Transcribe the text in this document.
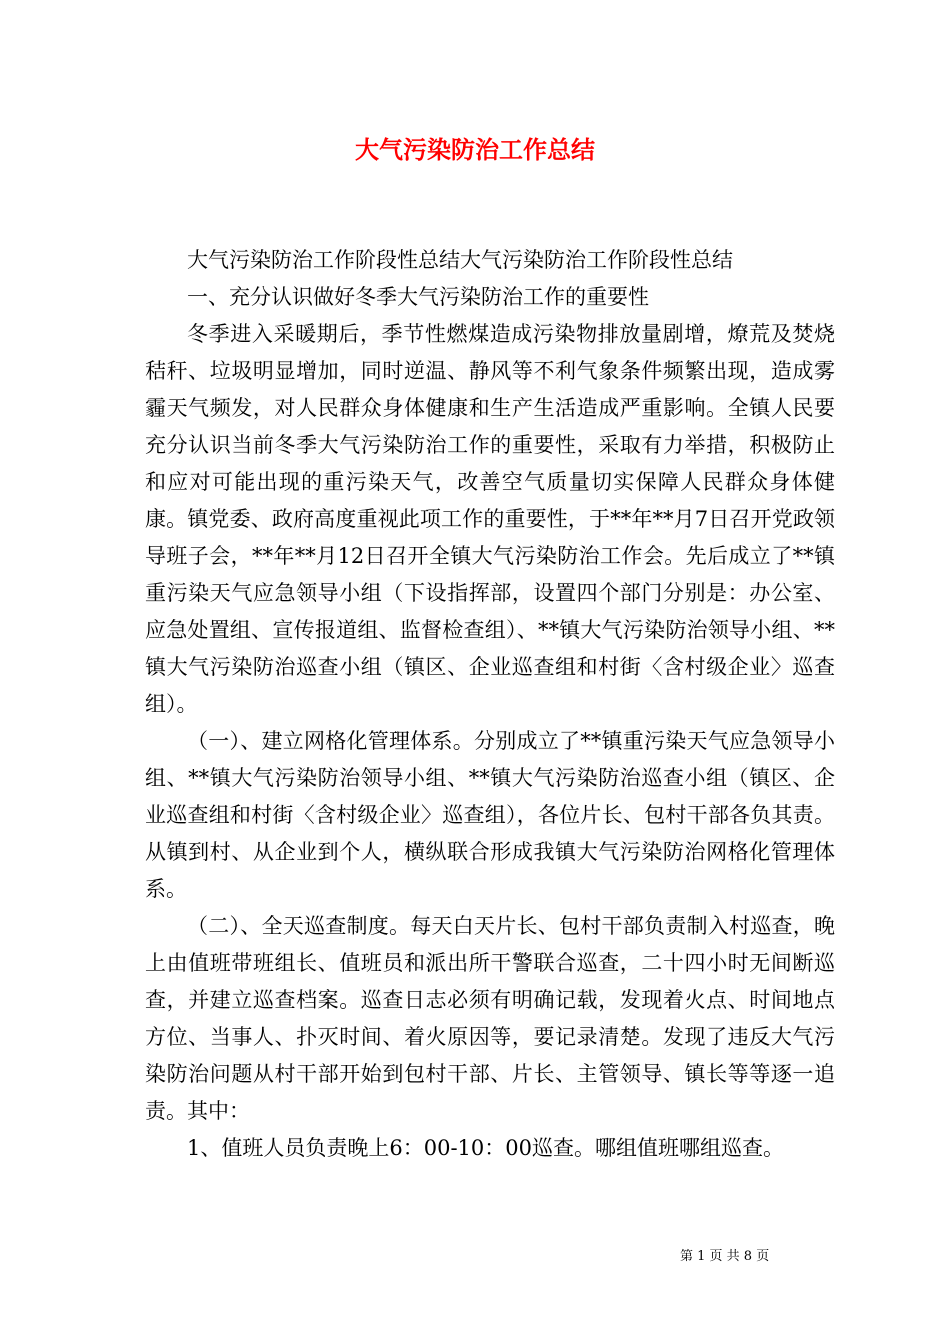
大气污染防治工作总结

大气污染防治工作阶段性总结大气污染防治工作阶段性总结

一、充分认识做好冬季大气污染防治工作的重要性

冬季进入采暖期后，季节性燃煤造成污染物排放量剧增，燎荒及焚烧秸秆、垃圾明显增加，同时逆温、静风等不利气象条件频繁出现，造成雾霾天气频发，对人民群众身体健康和生产生活造成严重影响。全镇人民要充分认识当前冬季大气污染防治工作的重要性，采取有力举措，积极防止和应对可能出现的重污染天气，改善空气质量切实保障人民群众身体健康。镇党委、政府高度重视此项工作的重要性，于**年**月7日召开党政领导班子会，**年**月12日召开全镇大气污染防治工作会。先后成立了**镇重污染天气应急领导小组（下设指挥部，设置四个部门分别是：办公室、应急处置组、宣传报道组、监督检查组）、**镇大气污染防治领导小组、**镇大气污染防治巡查小组（镇区、企业巡查组和村街〈含村级企业〉巡查组）。

（一）、建立网格化管理体系。分别成立了**镇重污染天气应急领导小组、**镇大气污染防治领导小组、**镇大气污染防治巡查小组（镇区、企业巡查组和村街〈含村级企业〉巡查组），各位片长、包村干部各负其责。从镇到村、从企业到个人，横纵联合形成我镇大气污染防治网格化管理体系。

（二）、全天巡查制度。每天白天片长、包村干部负责制入村巡查，晚上由值班带班组长、值班员和派出所干警联合巡查，二十四小时无间断巡查，并建立巡查档案。巡查日志必须有明确记载，发现着火点、时间地点方位、当事人、扑灭时间、着火原因等，要记录清楚。发现了违反大气污染防治问题从村干部开始到包村干部、片长、主管领导、镇长等等逐一追责。其中：

1、值班人员负责晚上6：00-10：00巡查。哪组值班哪组巡查。

第 1 页 共 8 页
